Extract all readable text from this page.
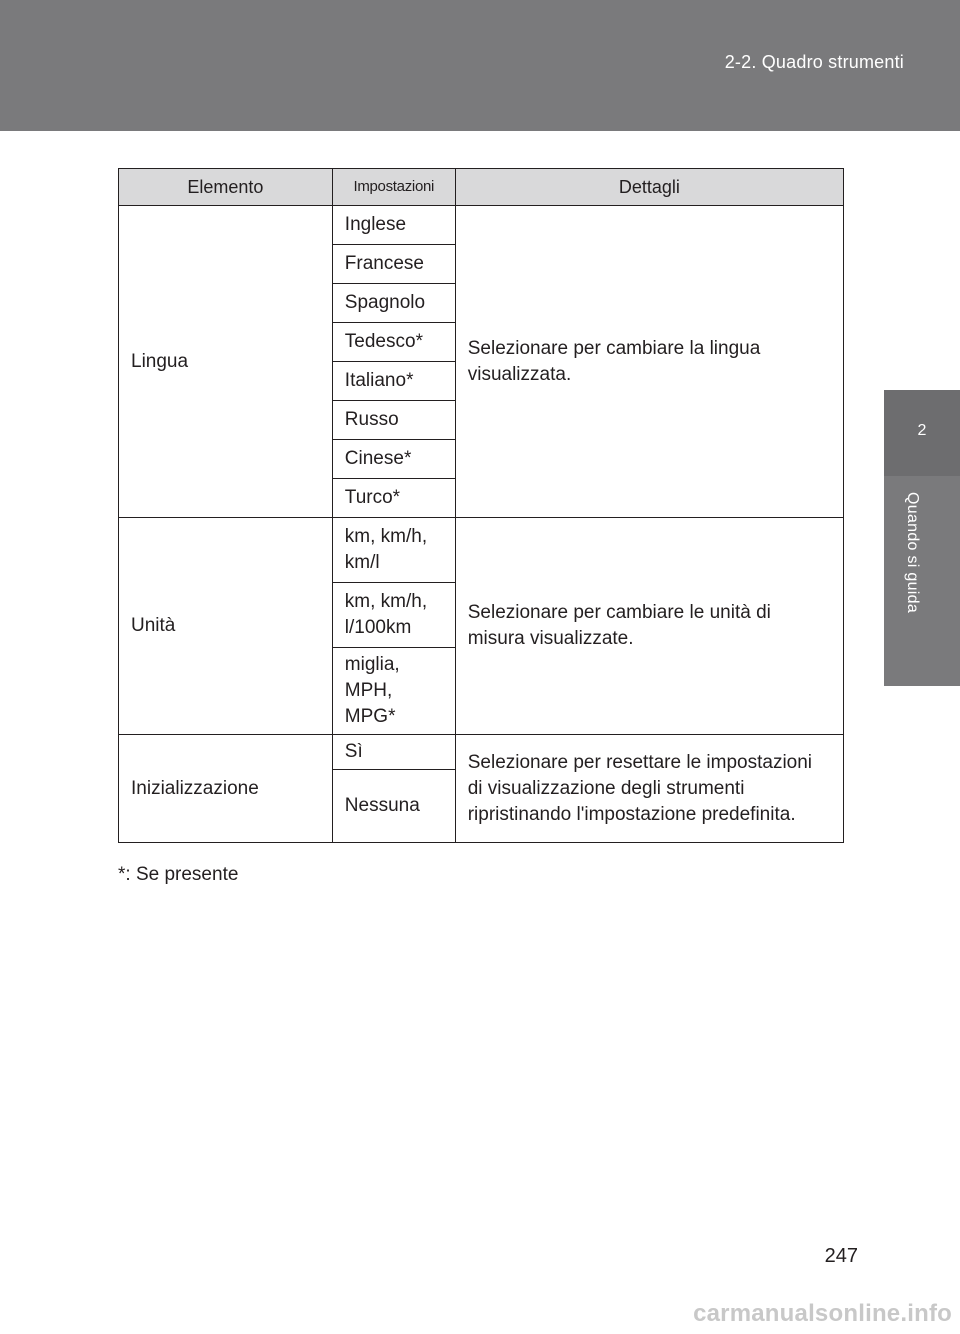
2-2. Quadro strumenti
2
Quando si guida
Elemento	Impostazioni	Dettagli
Lingua	Inglese	Selezionare per cambiare la lingua visualizzata.
	Francese	
	Spagnolo	
	Tedesco*	
	Italiano*	
	Russo	
	Cinese*	
	Turco*	
Unità	km, km/h, km/l	Selezionare per cambiare le unità di misura visualizzate.
	km, km/h, l/100km	
	miglia, MPH, MPG*	
Inizializzazione	Sì	Selezionare per resettare le impostazioni di visualizzazione degli strumenti ripristinando l'impostazione predefinita.
	Nessuna	
*: Se presente
247
carmanualsonline.info
